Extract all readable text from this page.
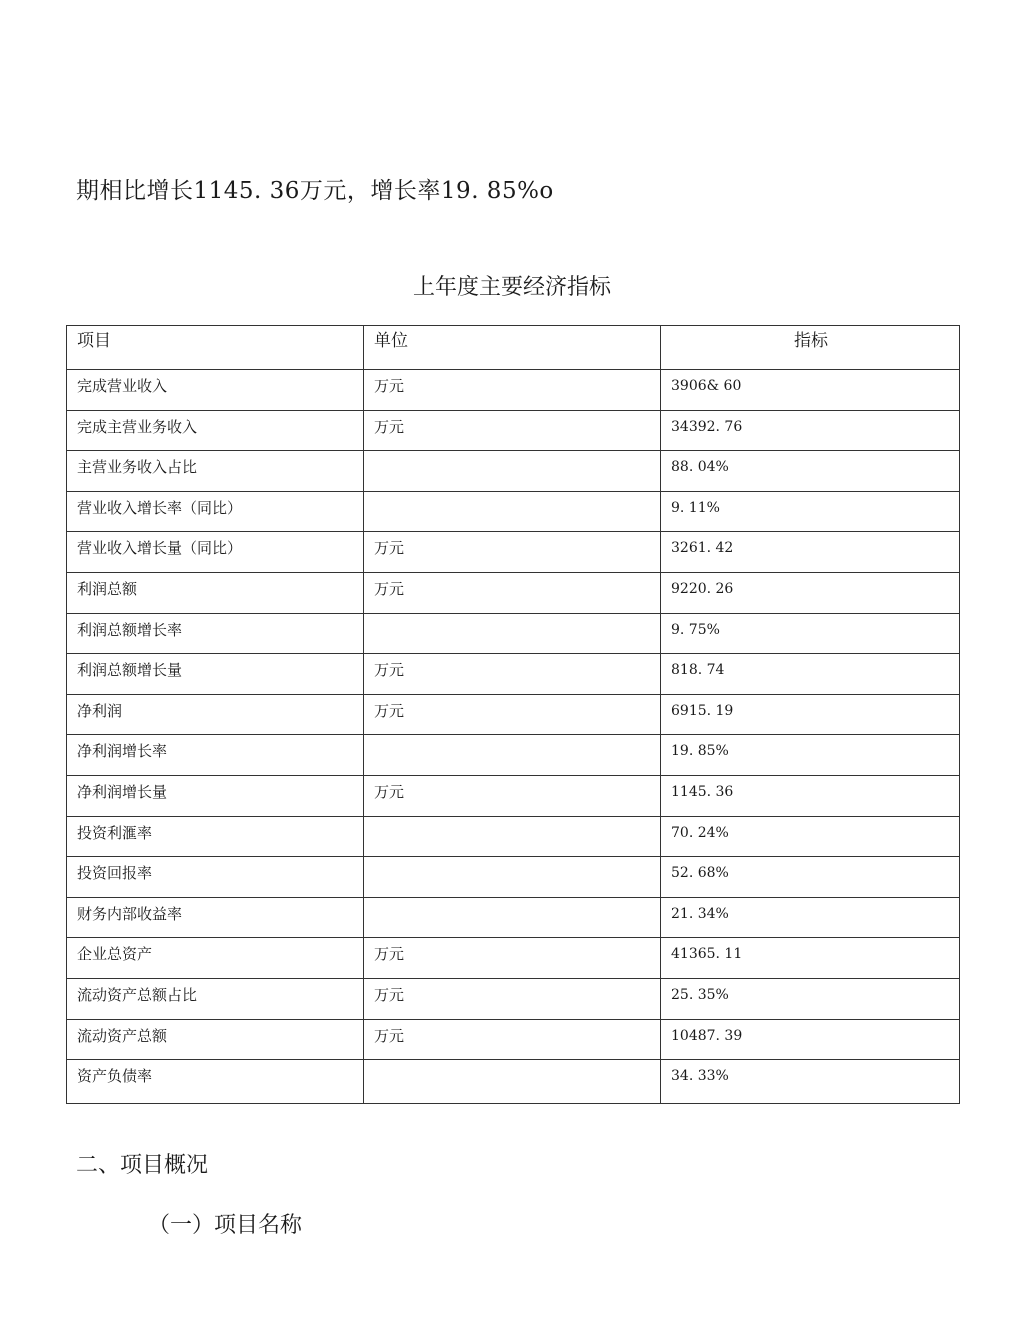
期相比增长1145. 36万元，增长率19. 85%o
上年度主要经济指标
项目	单位	指标
完成营业收入	万元	3906& 60
完成主营业务收入	万元	34392. 76
主营业务收入占比		88. 04%
营业收入增长率（同比）		9. 11%
营业收入增长量（同比）	万元	3261. 42
利润总额	万元	9220. 26
利润总额增长率		9. 75%
利润总额增长量	万元	818. 74
净利润	万元	6915. 19
净利润增长率		19. 85%
净利润增长量	万元	1145. 36
投资利滙率		70. 24%
投资回报率		52. 68%
财务内部收益率		21. 34%
企业总资产	万元	41365. 11
流动资产总额占比	万元	25. 35%
流动资产总额	万元	10487. 39
资产负债率		34. 33%
二、项目概况
（一）项目名称
